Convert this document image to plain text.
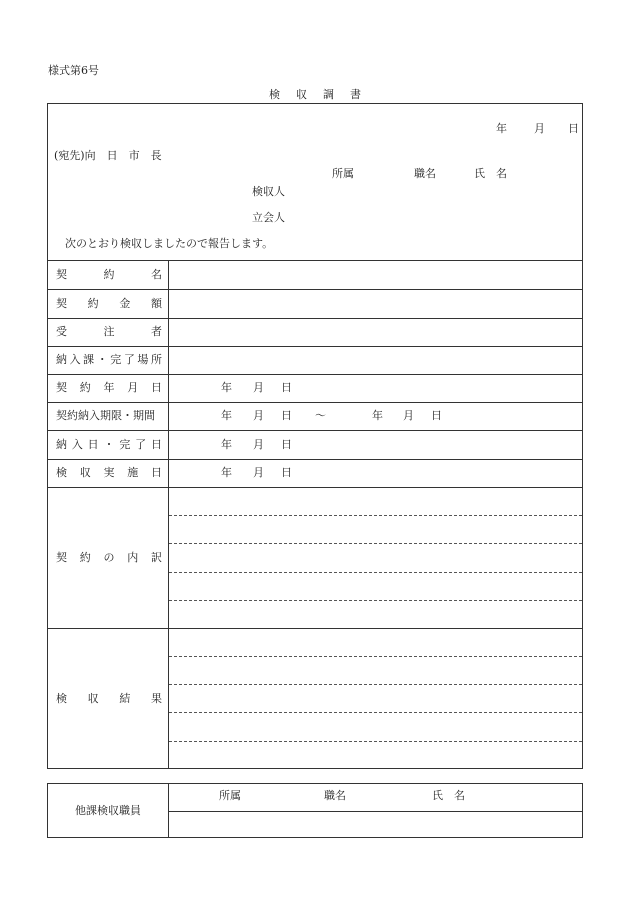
様式第6号
検収調書
年 月 日
(宛先)向　日　市　長
所属	職名	氏　名
検収人
立会人
次のとおり検収しましたので報告します。
契	約	名
契 約 金 額
受	注	者
納 入 課 ・ 完 了 場 所
契 約 年 月 日	年 月 日
契約納入期限・期間	年 月 日 ～	年 月 日
納 入 日 ・ 完 了 日	年 月 日
検 収 実 施 日	年 月 日
契 約 の 内 訳
検 収 結 果
他課検収職員
所属	職名	氏　名
